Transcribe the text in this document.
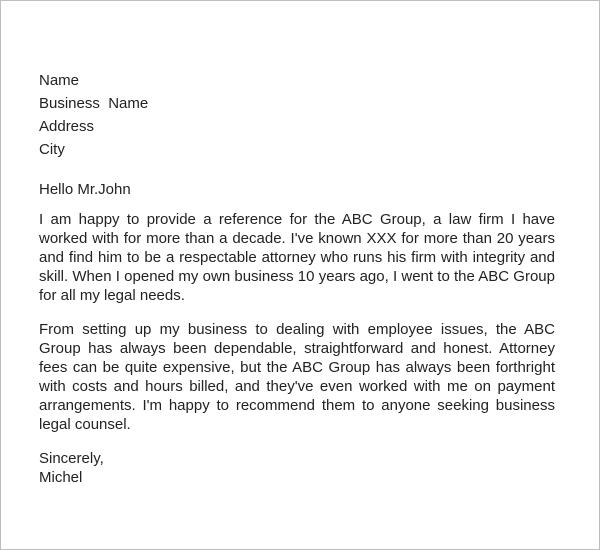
Name
Business  Name
Address
City
Hello Mr.John

I am happy to provide a reference for the ABC Group, a law firm I have worked with for more than a decade. I've known XXX for more than 20 years and find him to be a respectable attorney who runs his firm with integrity and skill. When I opened my own business 10 years ago, I went to the ABC Group for all my legal needs.

From setting up my business to dealing with employee issues, the ABC Group has always been dependable, straightforward and honest. Attorney fees can be quite expensive, but the ABC Group has always been forthright with costs and hours billed, and they've even worked with me on payment arrangements. I'm happy to recommend them to anyone seeking business legal counsel.

Sincerely,
Michel
